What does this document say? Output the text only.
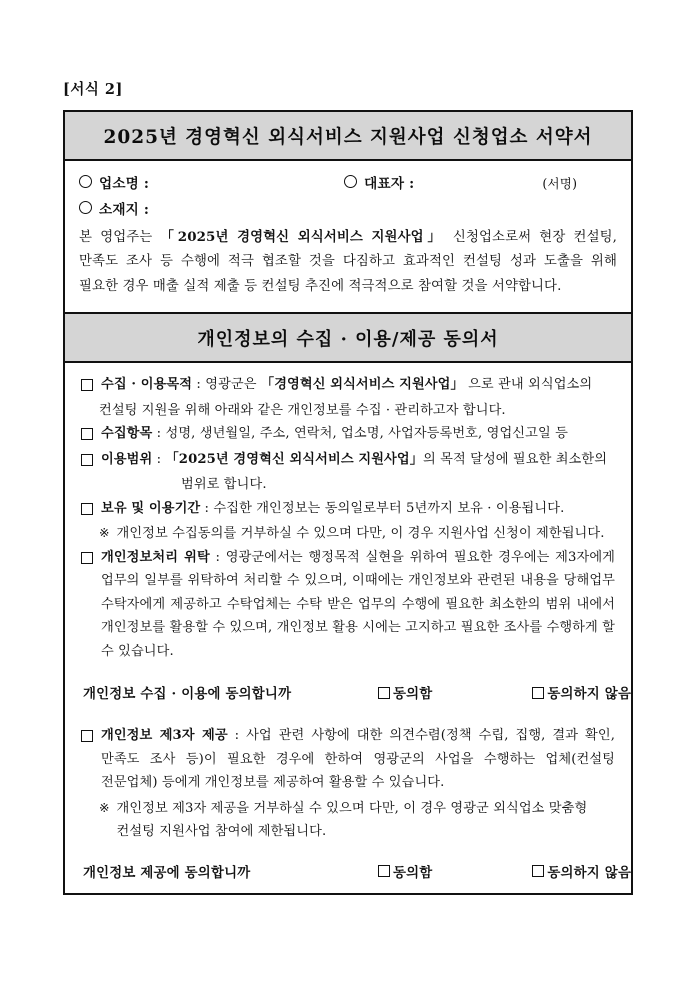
[서식 2]
2025년 경영혁신 외식서비스 지원사업 신청업소 서약서
업소명 :	대표자 :	(서명)
소재지 :
본 영업주는 「2025년 경영혁신 외식서비스 지원사업」 신청업소로써 현장 컨설팅, 만족도 조사 등 수행에 적극 협조할 것을 다짐하고 효과적인 컨설팅 성과 도출을 위해 필요한 경우 매출 실적 제출 등 컨설팅 추진에 적극적으로 참여할 것을 서약합니다.
개인정보의 수집 · 이용/제공 동의서
수집 · 이용목적 : 영광군은 「경영혁신 외식서비스 지원사업」 으로 관내 외식업소의
컨설팅 지원을 위해 아래와 같은 개인정보를 수집 · 관리하고자 합니다.
수집항목 : 성명, 생년월일, 주소, 연락처, 업소명, 사업자등록번호, 영업신고일 등
이용범위 : 「2025년 경영혁신 외식서비스 지원사업」의 목적 달성에 필요한 최소한의
범위로 합니다.
보유 및 이용기간 : 수집한 개인정보는 동의일로부터 5년까지 보유 · 이용됩니다.
※ 개인정보 수집동의를 거부하실 수 있으며 다만, 이 경우 지원사업 신청이 제한됩니다.
개인정보처리 위탁 : 영광군에서는 행정목적 실현을 위하여 필요한 경우에는 제3자에게 업무의 일부를 위탁하여 처리할 수 있으며, 이때에는 개인정보와 관련된 내용을 당해업무 수탁자에게 제공하고 수탁업체는 수탁 받은 업무의 수행에 필요한 최소한의 범위 내에서 개인정보를 활용할 수 있으며, 개인정보 활용 시에는 고지하고 필요한 조사를 수행하게 할 수 있습니다.
개인정보 수집 · 이용에 동의합니까	동의함	동의하지 않음
개인정보 제3자 제공 : 사업 관련 사항에 대한 의견수렴(정책 수립, 집행, 결과 확인, 만족도 조사 등)이 필요한 경우에 한하여 영광군의 사업을 수행하는 업체(컨설팅 전문업체) 등에게 개인정보를 제공하여 활용할 수 있습니다.
※ 개인정보 제3자 제공을 거부하실 수 있으며 다만, 이 경우 영광군 외식업소 맞춤형 컨설팅 지원사업 참여에 제한됩니다.
개인정보 제공에 동의합니까	동의함	동의하지 않음
